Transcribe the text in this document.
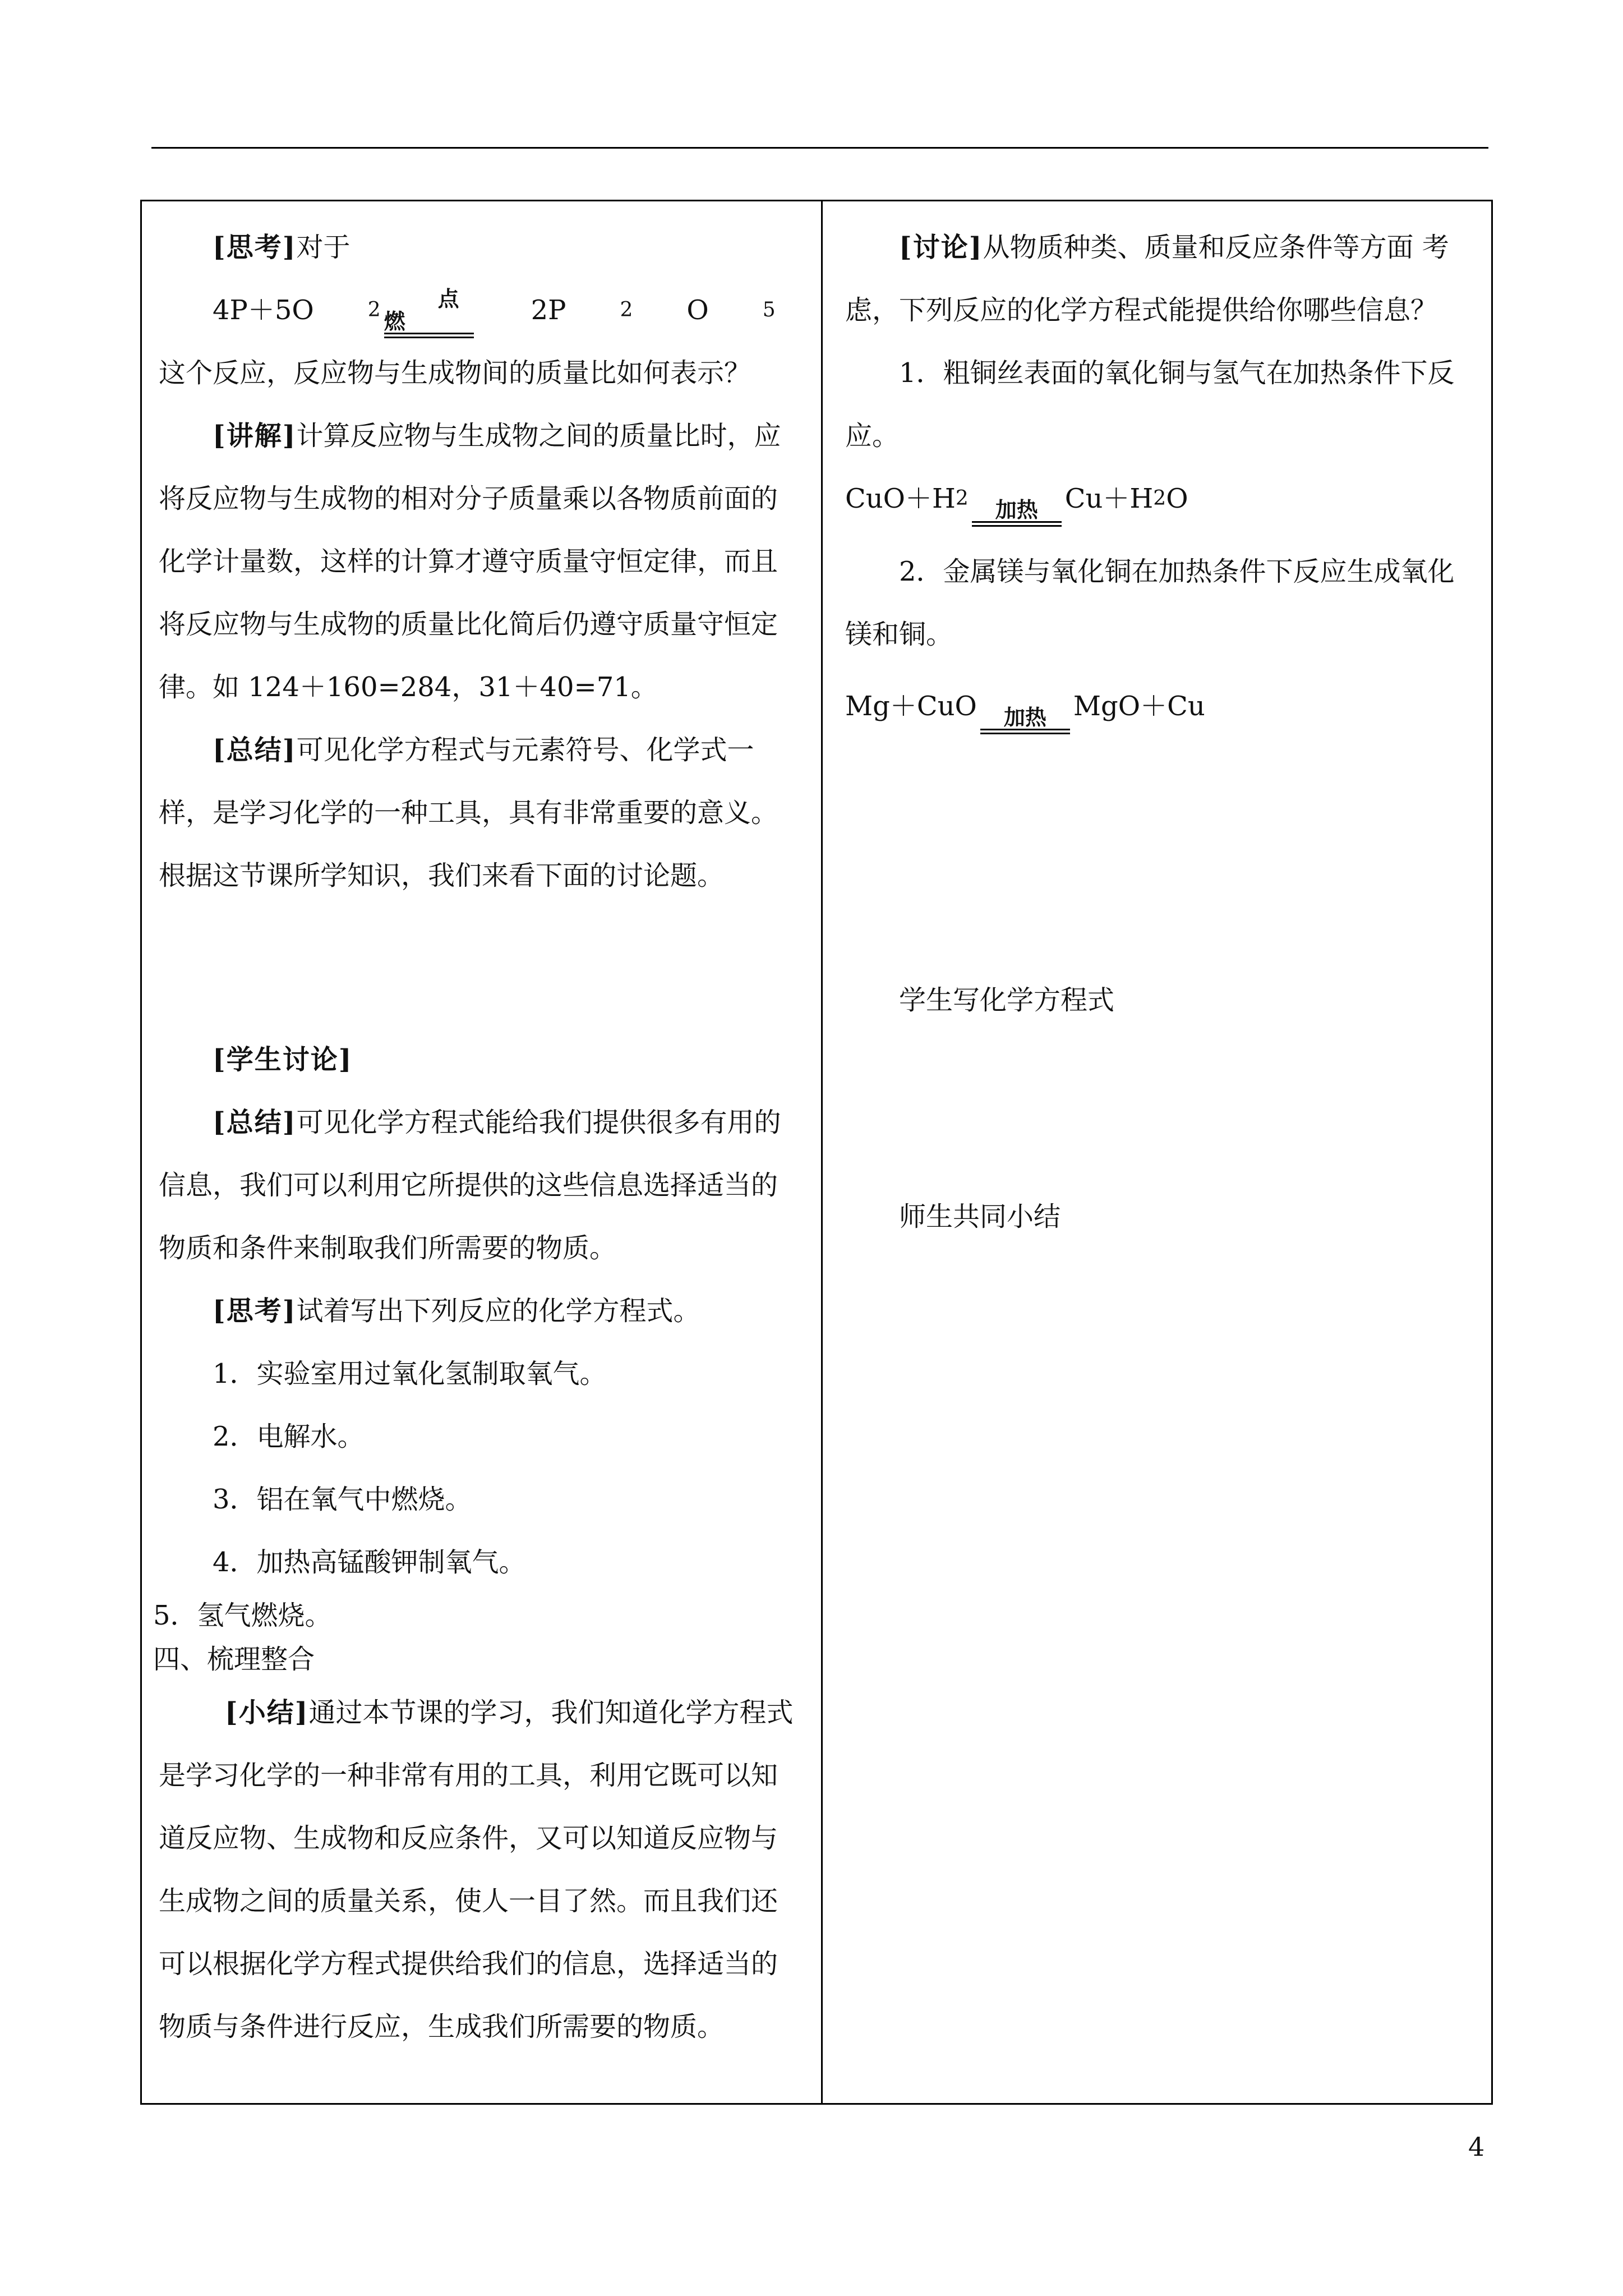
[思考]对于
4P＋5O	2	点燃	2P	2	O	5
这个反应，反应物与生成物间的质量比如何表示？

[讲解]计算反应物与生成物之间的质量比时，应将反应物与生成物的相对分子质量乘以各物质前面的化学计量数，这样的计算才遵守质量守恒定律，而且将反应物与生成物的质量比化简后仍遵守质量守恒定律。如 124＋160=284，31＋40=71。

[总结]可见化学方程式与元素符号、化学式一样，是学习化学的一种工具，具有非常重要的意义。根据这节课所学知识，我们来看下面的讨论题。

[学生讨论]

[总结]可见化学方程式能给我们提供很多有用的信息，我们可以利用它所提供的这些信息选择适当的物质和条件来制取我们所需要的物质。

[思考]试着写出下列反应的化学方程式。

1．实验室用过氧化氢制取氧气。

2．电解水。

3．铝在氧气中燃烧。

4．加热高锰酸钾制氧气。

5．氢气燃烧。

四、梳理整合

[小结]通过本节课的学习，我们知道化学方程式是学习化学的一种非常有用的工具，利用它既可以知道反应物、生成物和反应条件，又可以知道反应物与生成物之间的质量关系，使人一目了然。而且我们还可以根据化学方程式提供给我们的信息，选择适当的物质与条件进行反应，生成我们所需要的物质。

[讨论]从物质种类、质量和反应条件等方面 考虑，下列反应的化学方程式能提供给你哪些信息？

1．粗铜丝表面的氧化铜与氢气在加热条件下反应。

CuO＋H 2 加热 Cu＋H 2 O

2．金属镁与氧化铜在加热条件下反应生成氧化镁和铜。

Mg＋CuO 加热 MgO＋Cu

学生写化学方程式

师生共同小结

4
